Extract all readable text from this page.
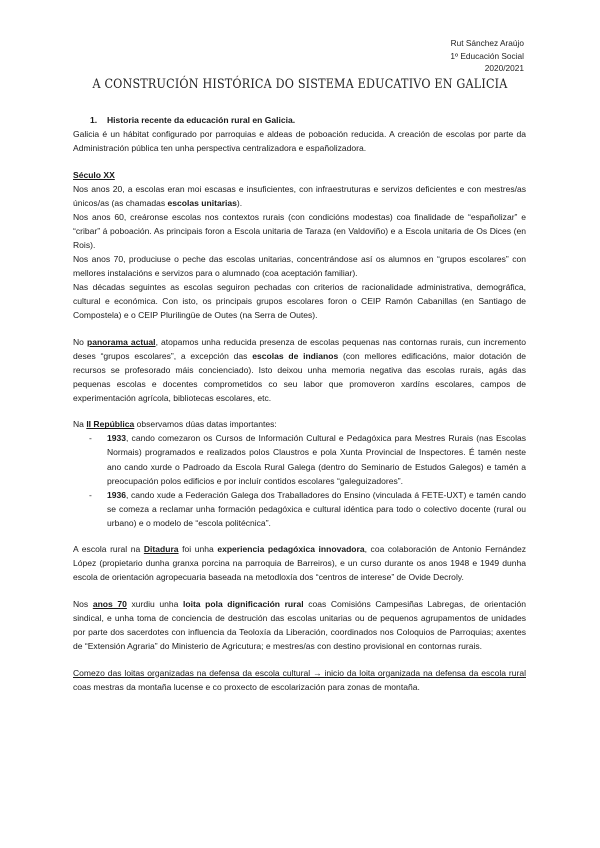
Rut Sánchez Araújo
1º Educación Social
2020/2021
A CONSTRUCIÓN HISTÓRICA DO SISTEMA EDUCATIVO EN GALICIA

1. Historia recente da educación rural en Galicia.

Galicia é un hábitat configurado por parroquias e aldeas de poboación reducida. A creación de escolas por parte da Administración pública ten unha perspectiva centralizadora e españolizadora.

Século XX

Nos anos 20, a escolas eran moi escasas e insuficientes, con infraestruturas e servizos deficientes e con mestres/as únicos/as (as chamadas escolas unitarias).

Nos anos 60, creáronse escolas nos contextos rurais (con condicións modestas) coa finalidade de “españolizar” e “cribar” á poboación. As principais foron a Escola unitaria de Taraza (en Valdoviño) e a Escola unitaria de Os Dices (en Rois).

Nos anos 70, produciuse o peche das escolas unitarias, concentrándose así os alumnos en “grupos escolares” con mellores instalacións e servizos para o alumnado (coa aceptación familiar).

Nas décadas seguintes as escolas seguiron pechadas con criterios de racionalidade administrativa, demográfica, cultural e económica. Con isto, os principais grupos escolares foron o CEIP Ramón Cabanillas (en Santiago de Compostela) e o CEIP Plurilingüe de Outes (na Serra de Outes).

No panorama actual, atopamos unha reducida presenza de escolas pequenas nas contornas rurais, cun incremento deses “grupos escolares”, a excepción das escolas de indianos (con mellores edificacións, maior dotación de recursos se profesorado máis concienciado). Isto deixou unha memoria negativa das escolas rurais, agás das pequenas escolas e docentes comprometidos co seu labor que promoveron xardíns escolares, campos de experimentación agrícola, bibliotecas escolares, etc.

Na II República observamos dúas datas importantes:

-	1933, cando comezaron os Cursos de Información Cultural e Pedagóxica para Mestres Rurais (nas Escolas Normais) programados e realizados polos Claustros e pola Xunta Provincial de Inspectores. É tamén neste ano cando xurde o Padroado da Escola Rural Galega (dentro do Seminario de Estudos Galegos) e tamén a preocupación polos edificios e por incluír contidos escolares “galeguizadores”.
-	1936, cando xude a Federación Galega dos Traballadores do Ensino (vinculada á FETE-UXT) e tamén cando se comeza a reclamar unha formación pedagóxica e cultural idéntica para todo o colectivo docente (rural ou urbano) e o modelo de “escola politécnica”.

A escola rural na Ditadura foi unha experiencia pedagóxica innovadora, coa colaboración de Antonio Fernández López (propietario dunha granxa porcina na parroquia de Barreiros), e un curso durante os anos 1948 e 1949 dunha escola de orientación agropecuaria baseada na metodloxía dos “centros de interese” de Ovide Decroly.

Nos anos 70 xurdiu unha loita pola dignificación rural coas Comisións Campesiñas Labregas, de orientación sindical, e unha toma de conciencia de destrución das escolas unitarias ou de pequenos agrupamentos de unidades por parte dos sacerdotes con influencia da Teoloxía da Liberación, coordinados nos Coloquios de Parroquias; axentes de “Extensión Agraria” do Ministerio de Agricutura; e mestres/as con destino provisional en contornas rurais.

Comezo das loitas organizadas na defensa da escola cultural → inicio da loita organizada na defensa da escola rural coas mestras da montaña lucense e co proxecto de escolarización para zonas de montaña.
